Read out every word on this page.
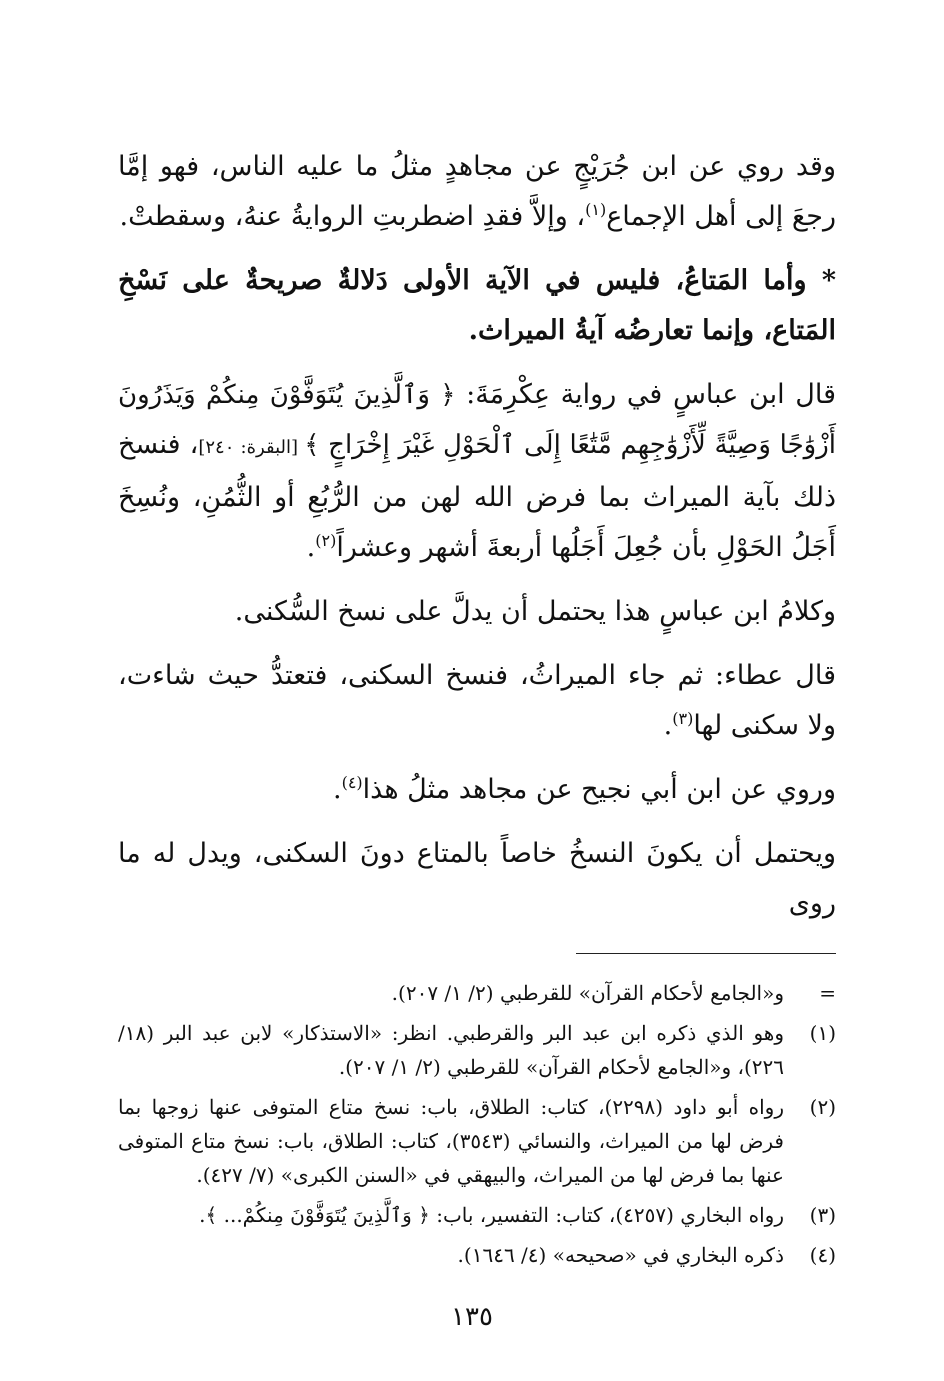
وقد روي عن ابن جُرَيْجٍ عن مجاهدٍ مثلُ ما عليه الناس، فهو إمَّا رجعَ إلى أهل الإجماع$^{(١)}$، وإلاَّ فقدِ اضطربتِ الروايةُ عنهُ، وسقطتْ.

* وأما المَتاعُ، فليس في الآية الأولى دَلالةٌ صريحةٌ على نَسْخِ المَتاع، وإنما تعارضُه آيةُ الميراث.

قال ابن عباسٍ في رواية عِكْرِمَةَ: ﴿ وَٱلَّذِينَ يُتَوَفَّوْنَ مِنكُمْ وَيَذَرُونَ أَزْوَٰجًا وَصِيَّةً لِّأَزْوَٰجِهِم مَّتَٰعًا إِلَى ٱلْحَوْلِ غَيْرَ إِخْرَاجٍ ﴾ [البقرة: ٢٤٠]، فنسخ ذلك بآية الميراث بما فرض الله لهن من الرُّبُعِ أو الثُّمُنِ، ونُسِخَ أَجَلُ الحَوْلِ بأن جُعِلَ أَجَلُها أربعةَ أشهر وعشراً$^{(٢)}$.

وكلامُ ابن عباسٍ هذا يحتمل أن يدلَّ على نسخ السُّكنى.

قال عطاء: ثم جاء الميراثُ، فنسخ السكنى، فتعتدُّ حيث شاءت، ولا سكنى لها$^{(٣)}$.

وروي عن ابن أبي نجيح عن مجاهد مثلُ هذا$^{(٤)}$.

ويحتمل أن يكونَ النسخُ خاصاً بالمتاع دونَ السكنى، ويدل له ما روى

=
و«الجامع لأحكام القرآن» للقرطبي (٢/ ١/ ٢٠٧).
(١)
وهو الذي ذكره ابن عبد البر والقرطبي. انظر: «الاستذكار» لابن عبد البر (١٨/ ٢٢٦)، و«الجامع لأحكام القرآن» للقرطبي (٢/ ١/ ٢٠٧).
(٢)
رواه أبو داود (٢٢٩٨)، كتاب: الطلاق، باب: نسخ متاع المتوفى عنها زوجها بما فرض لها من الميراث، والنسائي (٣٥٤٣)، كتاب: الطلاق، باب: نسخ متاع المتوفى عنها بما فرض لها من الميراث، والبيهقي في «السنن الكبرى» (٧/ ٤٢٧).
(٣)
رواه البخاري (٤٢٥٧)، كتاب: التفسير، باب: ﴿ وَٱلَّذِينَ يُتَوَفَّوْنَ مِنكُمْ... ﴾.
(٤)
ذكره البخاري في «صحيحه» (٤/ ١٦٤٦).
١٣٥
